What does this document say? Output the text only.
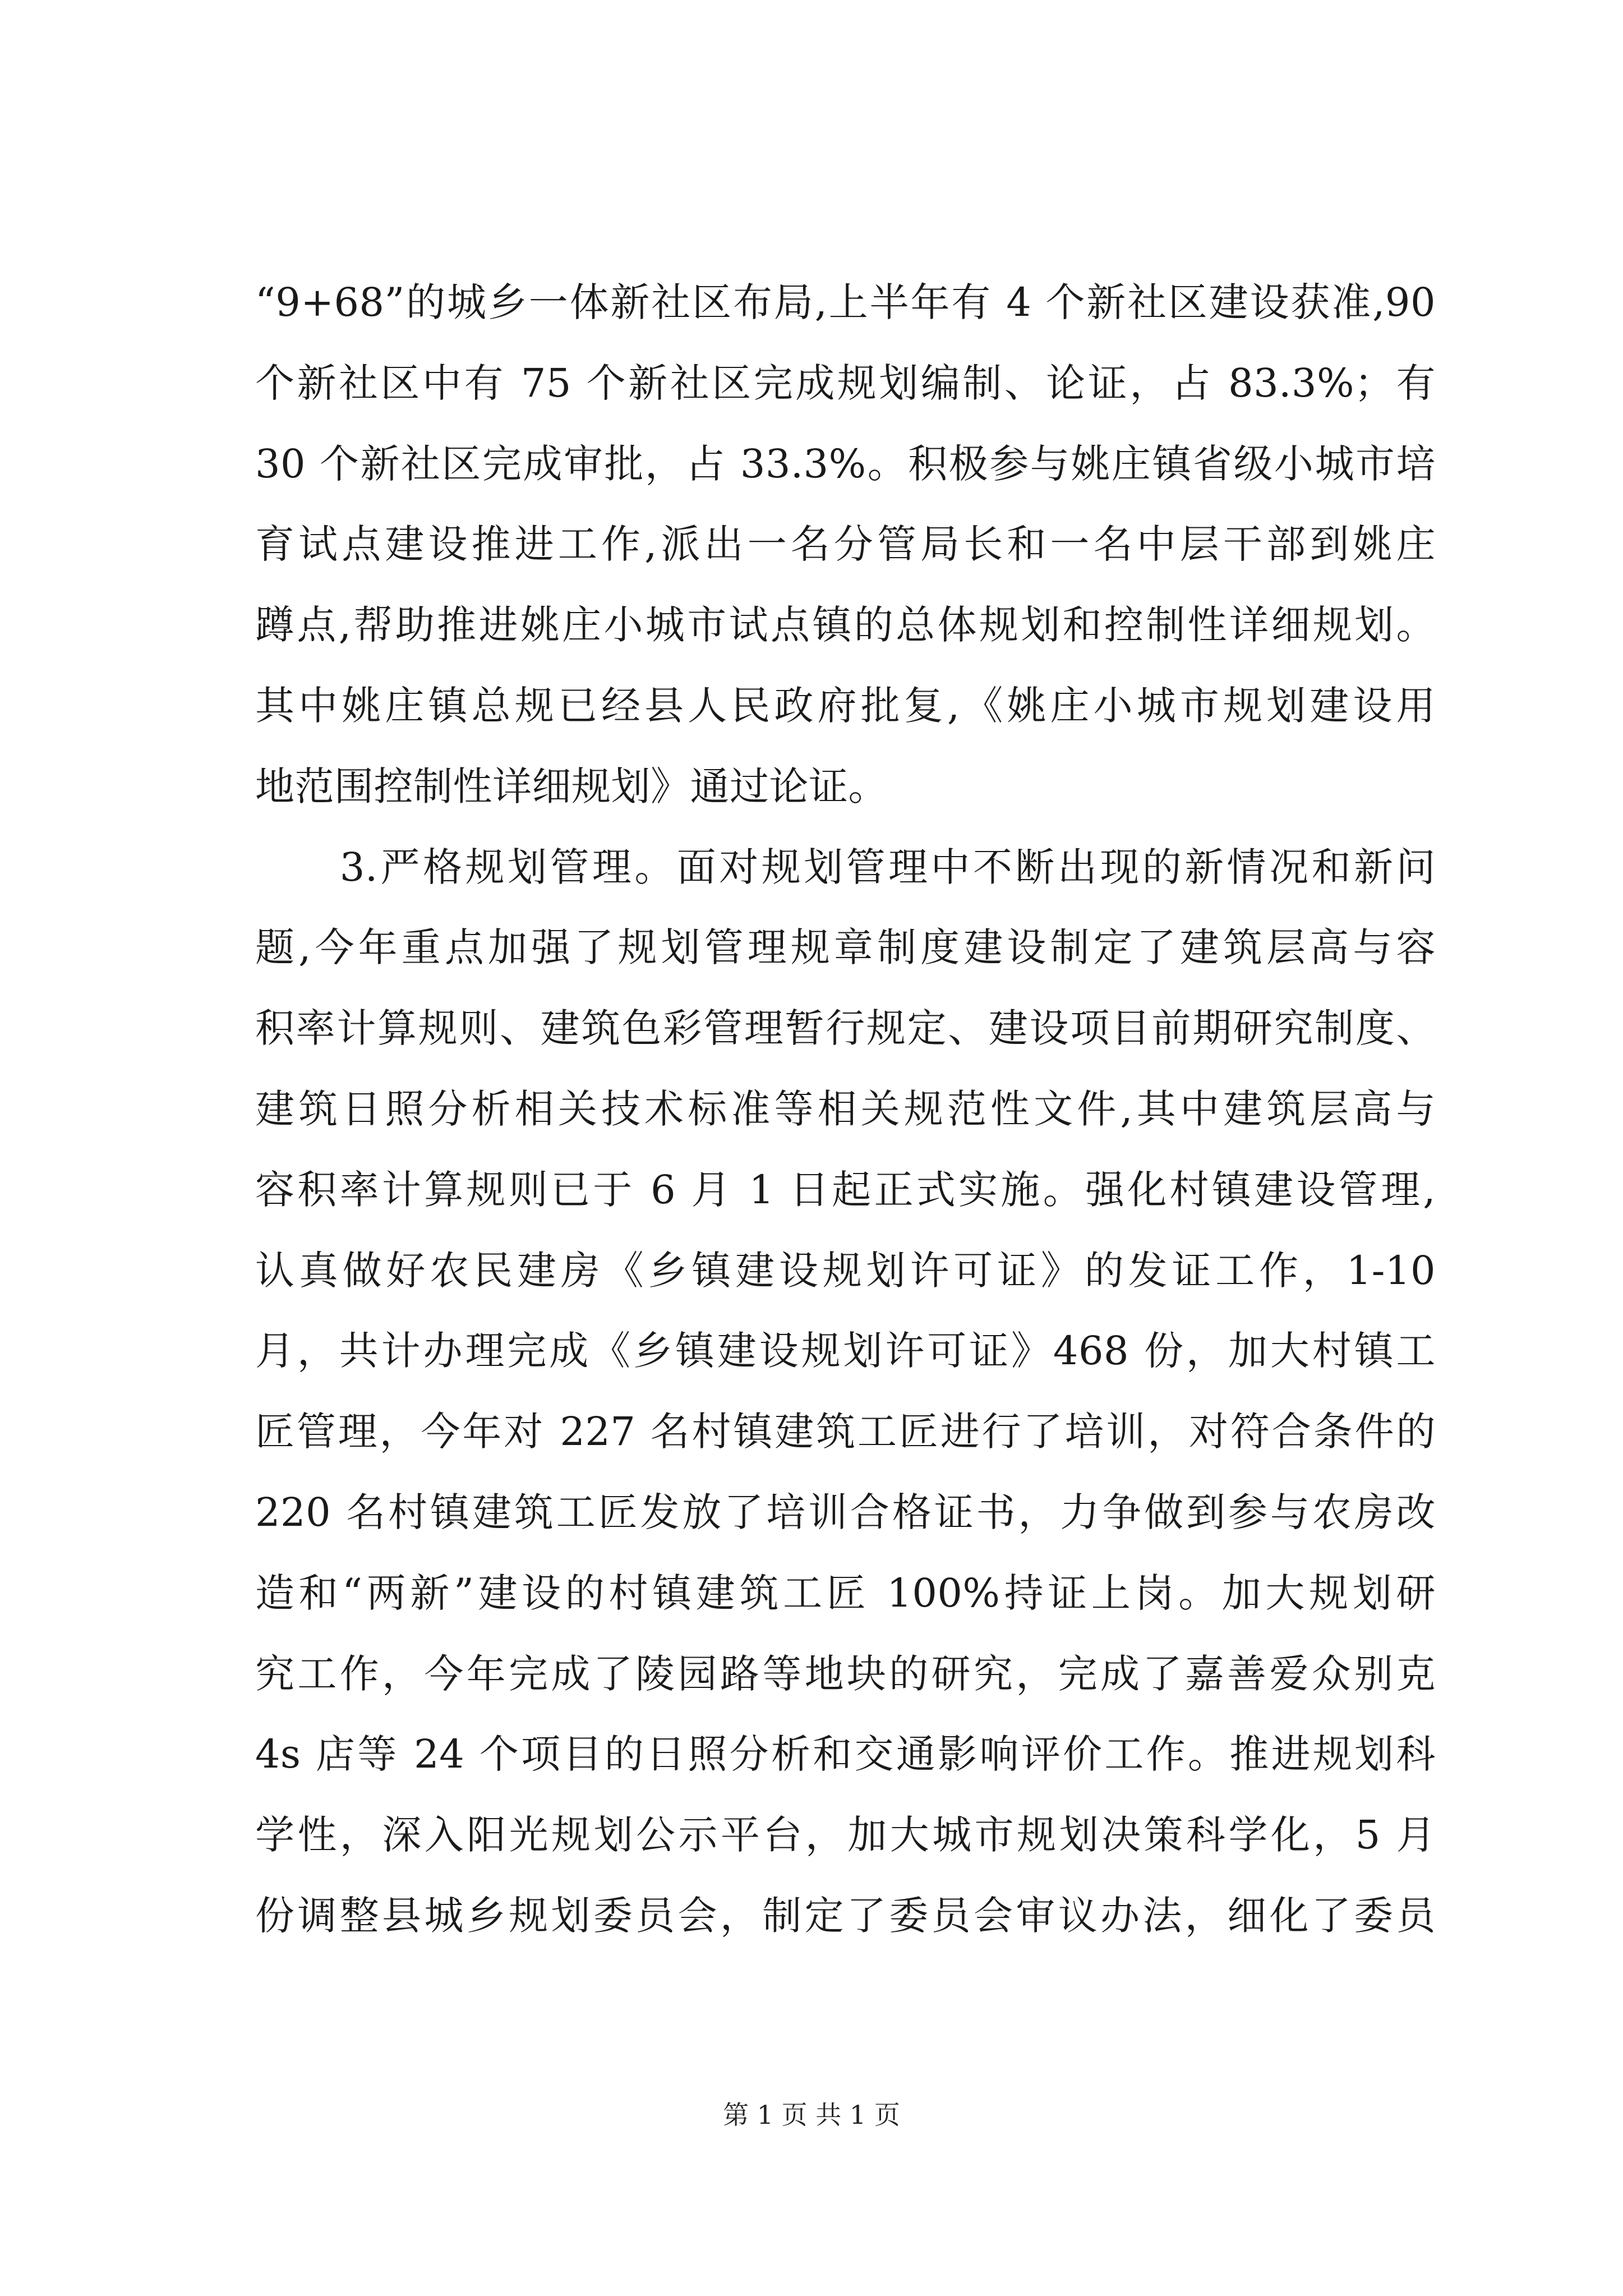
“9+68”的城乡一体新社区布局,上半年有 4 个新社区建设获准,90
个新社区中有 75 个新社区完成规划编制、论证，占 83.3%；有
30 个新社区完成审批，占 33.3%。积极参与姚庄镇省级小城市培
育试点建设推进工作,派出一名分管局长和一名中层干部到姚庄
蹲点,帮助推进姚庄小城市试点镇的总体规划和控制性详细规划。
其中姚庄镇总规已经县人民政府批复,《姚庄小城市规划建设用
地范围控制性详细规划》通过论证。
　　3.严格规划管理。面对规划管理中不断出现的新情况和新问
题,今年重点加强了规划管理规章制度建设制定了建筑层高与容
积率计算规则、建筑色彩管理暂行规定、建设项目前期研究制度、
建筑日照分析相关技术标准等相关规范性文件,其中建筑层高与
容积率计算规则已于 6 月 1 日起正式实施。强化村镇建设管理,
认真做好农民建房《乡镇建设规划许可证》的发证工作，1-10
月，共计办理完成《乡镇建设规划许可证》468 份，加大村镇工
匠管理，今年对 227 名村镇建筑工匠进行了培训，对符合条件的
220 名村镇建筑工匠发放了培训合格证书，力争做到参与农房改
造和“两新”建设的村镇建筑工匠 100%持证上岗。加大规划研
究工作，今年完成了陵园路等地块的研究，完成了嘉善爱众别克
4s 店等 24 个项目的日照分析和交通影响评价工作。推进规划科
学性，深入阳光规划公示平台，加大城市规划决策科学化，5 月
份调整县城乡规划委员会，制定了委员会审议办法，细化了委员
第 1 页 共 1 页
